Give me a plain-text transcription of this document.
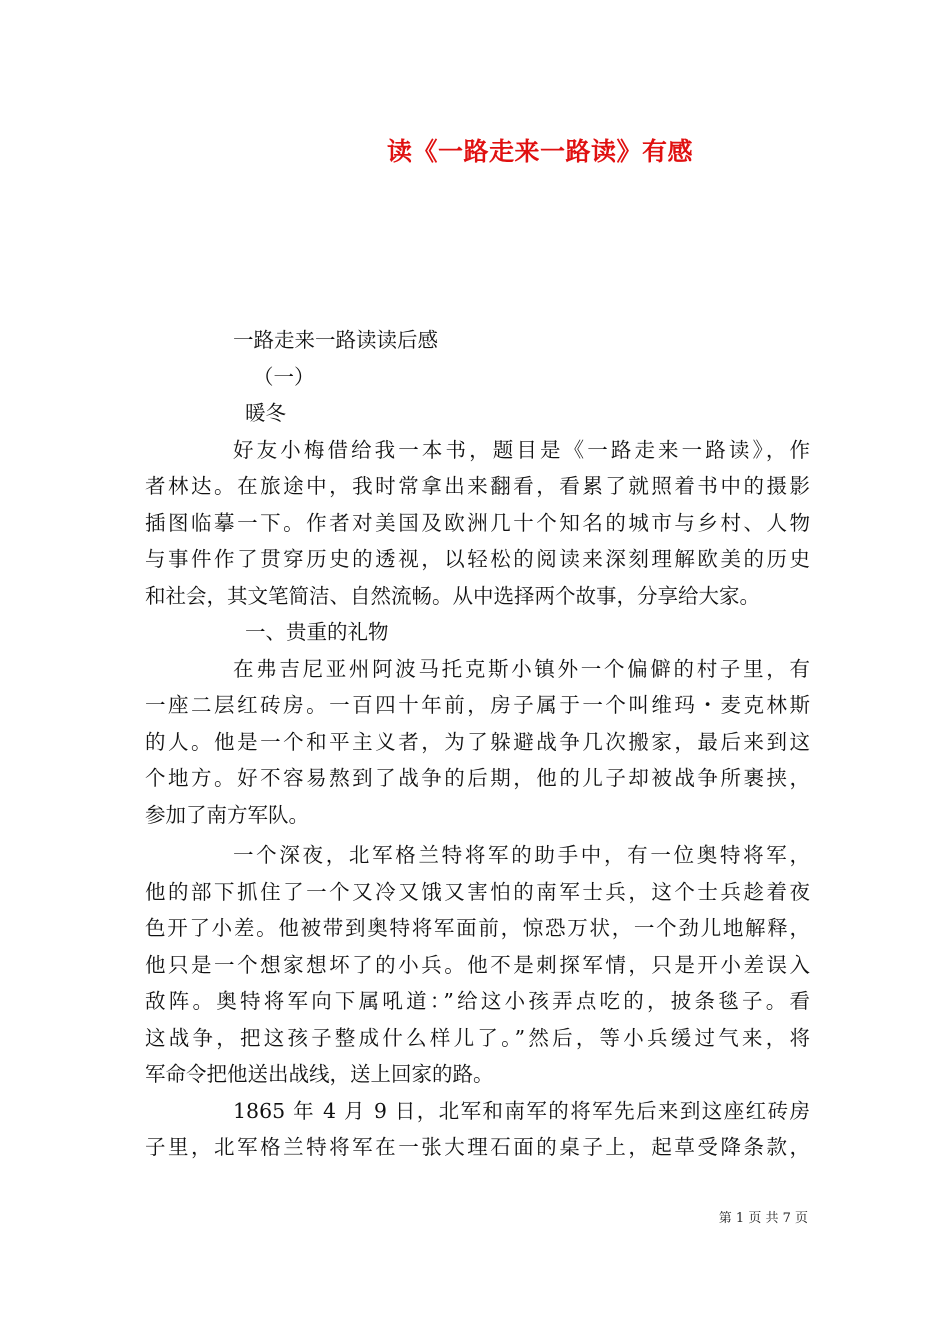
读《一路走来一路读》有感
一路走来一路读读后感
（一）
暖冬
好友小梅借给我一本书，题目是《一路走来一路读》，作
者林达。在旅途中，我时常拿出来翻看，看累了就照着书中的摄影
插图临摹一下。作者对美国及欧洲几十个知名的城市与乡村、人物
与事件作了贯穿历史的透视，以轻松的阅读来深刻理解欧美的历史
和社会，其文笔简洁、自然流畅。从中选择两个故事，分享给大家。
一、贵重的礼物
在弗吉尼亚州阿波马托克斯小镇外一个偏僻的村子里，有
一座二层红砖房。一百四十年前，房子属于一个叫维玛・麦克林斯
的人。他是一个和平主义者，为了躲避战争几次搬家，最后来到这
个地方。好不容易熬到了战争的后期，他的儿子却被战争所裹挟，
参加了南方军队。
一个深夜，北军格兰特将军的助手中，有一位奥特将军，
他的部下抓住了一个又冷又饿又害怕的南军士兵，这个士兵趁着夜
色开了小差。他被带到奥特将军面前，惊恐万状，一个劲儿地解释，
他只是一个想家想坏了的小兵。他不是刺探军情，只是开小差误入
敌阵。奥特将军向下属吼道：”给这小孩弄点吃的，披条毯子。看
这战争，把这孩子整成什么样儿了。”然后，等小兵缓过气来，将
军命令把他送出战线，送上回家的路。
1865 年 4 月 9 日，北军和南军的将军先后来到这座红砖房
子里，北军格兰特将军在一张大理石面的桌子上，起草受降条款，
第 1 页 共 7 页
